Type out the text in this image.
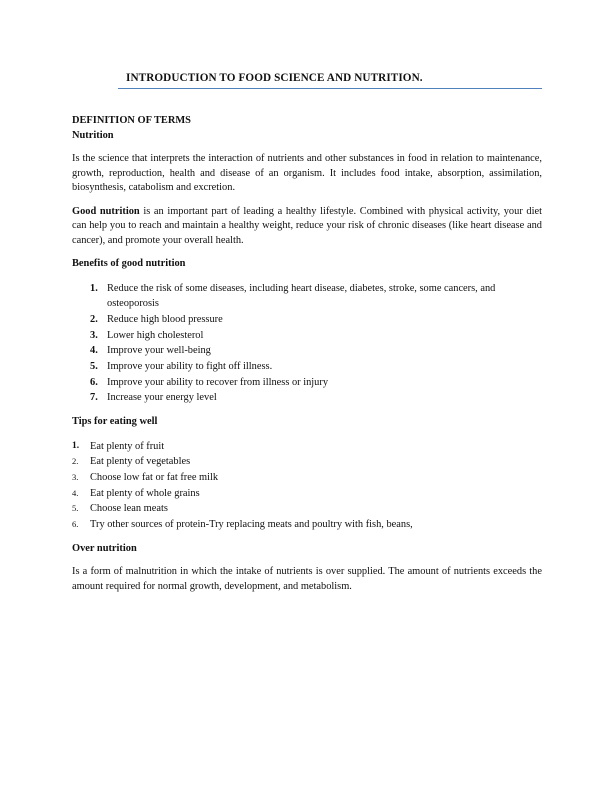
INTRODUCTION TO FOOD SCIENCE AND NUTRITION.

DEFINITION OF TERMS

Nutrition

Is the science that interprets the interaction of nutrients and other substances in food in relation to maintenance, growth, reproduction, health and disease of an organism. It includes food intake, absorption, assimilation, biosynthesis, catabolism and excretion.

Good nutrition is an important part of leading a healthy lifestyle. Combined with physical activity, your diet can help you to reach and maintain a healthy weight, reduce your risk of chronic diseases (like heart disease and cancer), and promote your overall health.

Benefits of good nutrition

1. Reduce the risk of some diseases, including heart disease, diabetes, stroke, some cancers, and osteoporosis
2. Reduce high blood pressure
3. Lower high cholesterol
4. Improve your well-being
5. Improve your ability to fight off illness.
6. Improve your ability to recover from illness or injury
7. Increase your energy level

Tips for eating well

1. Eat plenty of fruit
2. Eat plenty of vegetables
3. Choose low fat or fat free milk
4. Eat plenty of whole grains
5. Choose lean meats
6. Try other sources of protein-Try replacing meats and poultry with fish, beans,

Over nutrition

Is a form of malnutrition in which the intake of nutrients is over supplied. The amount of nutrients exceeds the amount required for normal growth, development, and metabolism.
